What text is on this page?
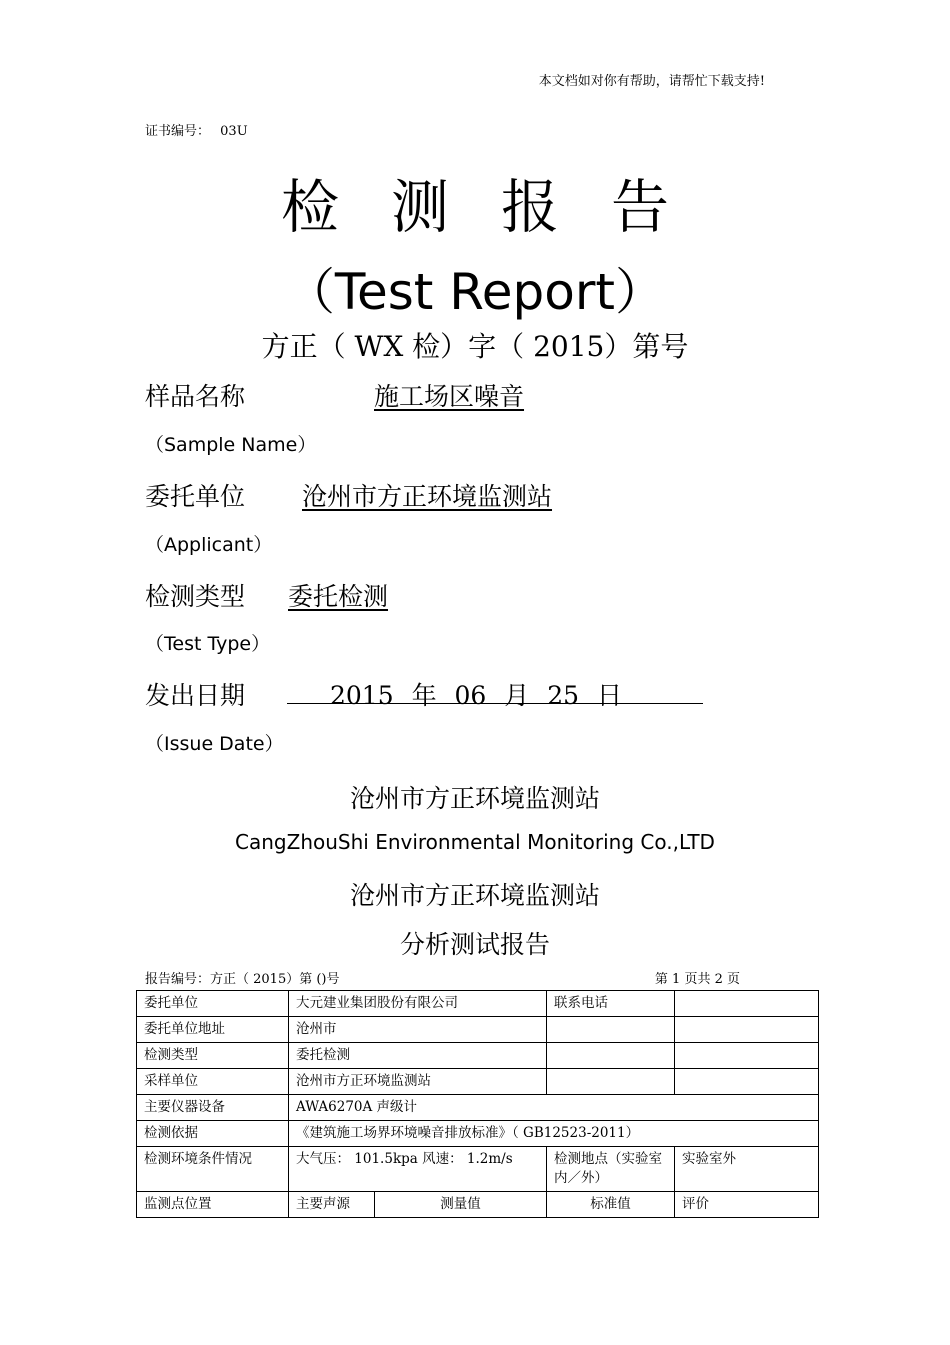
本文档如对你有帮助，请帮忙下载支持!
证书编号： 03U
检测报告
（Test Report）
方正（ WX 检）字（ 2015）第号
样品名称	施工场区噪音
（Sample Name）
委托单位 沧州市方正环境监测站
（Applicant）
检测类型 委托检测
（Test Type）
发出日期	2015 年 06 月 25 日
（Issue Date）
沧州市方正环境监测站
CangZhouShi Environmental Monitoring Co.,LTD
沧州市方正环境监测站
分析测试报告
报告编号：方正（ 2015）第 ()号	第 1 页共 2 页
委托单位	大元建业集团股份有限公司		联系电话	
委托单位地址	沧州市			
检测类型	委托检测			
采样单位	沧州市方正环境监测站			
主要仪器设备	AWA6270A 声级计			
检测依据	《建筑施工场界环境噪音排放标准》（ GB12523-2011）			
检测环境条件情况	大气压： 101.5kpa 风速： 1.2m/s		检测地点（实验室内／外）	实验室外
监测点位置	主要声源	测量值	标准值	评价
